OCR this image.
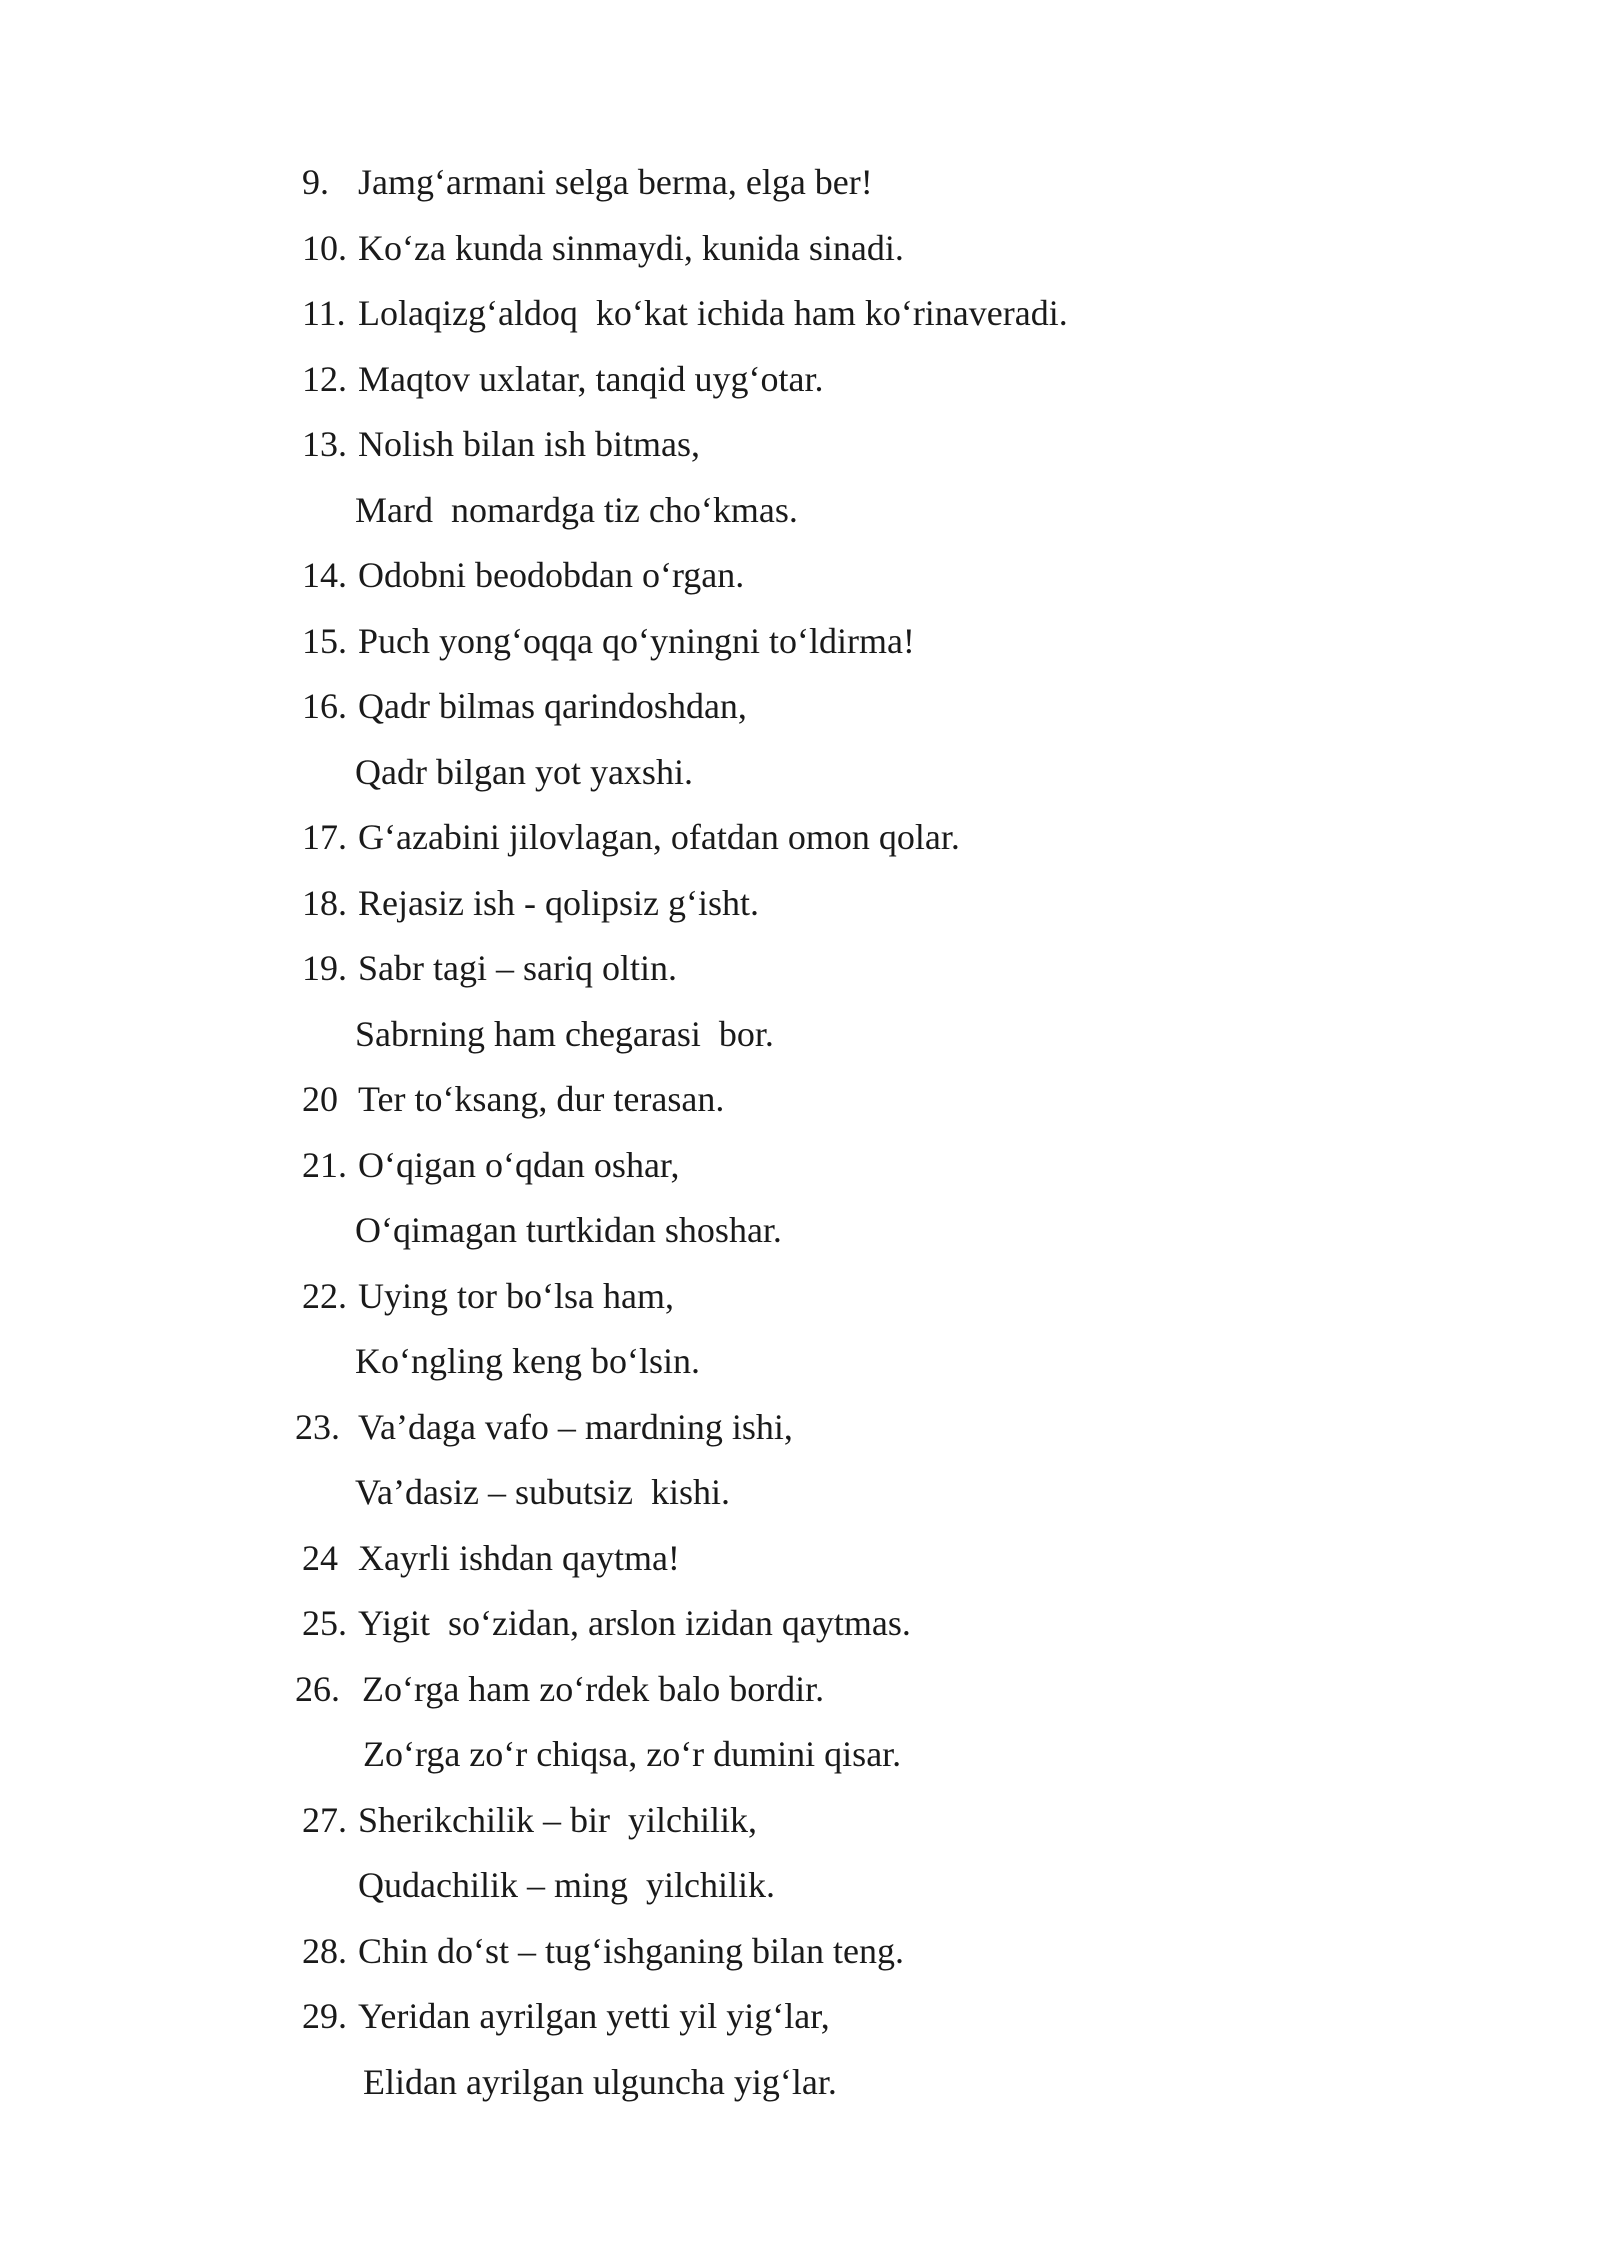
9. Jamg‘armani selga berma, elga ber!
10. Ko‘za kunda sinmaydi, kunida sinadi.
11. Lolaqizg‘aldoq  ko‘kat ichida ham ko‘rinaveradi.
12. Maqtov uxlatar, tanqid uyg‘otar.
13. Nolish bilan ish bitmas,
Mard  nomardga tiz cho‘kmas.
14. Odobni beodobdan o‘rgan.
15. Puch yong‘oqqa qo‘yningni to‘ldirma!
16. Qadr bilmas qarindoshdan,
Qadr bilgan yot yaxshi.
17. G‘azabini jilovlagan, ofatdan omon qolar.
18. Rejasiz ish - qolipsiz g‘isht.
19. Sabr tagi – sariq oltin.
Sabrning ham chegarasi  bor.
20 Ter to‘ksang, dur terasan.
21. O‘qigan o‘qdan oshar,
O‘qimagan turtkidan shoshar.
22. Uying tor bo‘lsa ham,
Ko‘ngling keng bo‘lsin.
23. Va’daga vafo – mardning ishi,
Va’dasiz – subutsiz  kishi.
24 Xayrli ishdan qaytma!
25. Yigit  so‘zidan, arslon izidan qaytmas.
26. Zo‘rga ham zo‘rdek balo bordir.
Zo‘rga zo‘r chiqsa, zo‘r dumini qisar.
27. Sherikchilik – bir  yilchilik,
Qudachilik – ming  yilchilik.
28. Chin do‘st – tug‘ishganing bilan teng.
29. Yeridan ayrilgan yetti yil yig‘lar,
Elidan ayrilgan ulguncha yig‘lar.
